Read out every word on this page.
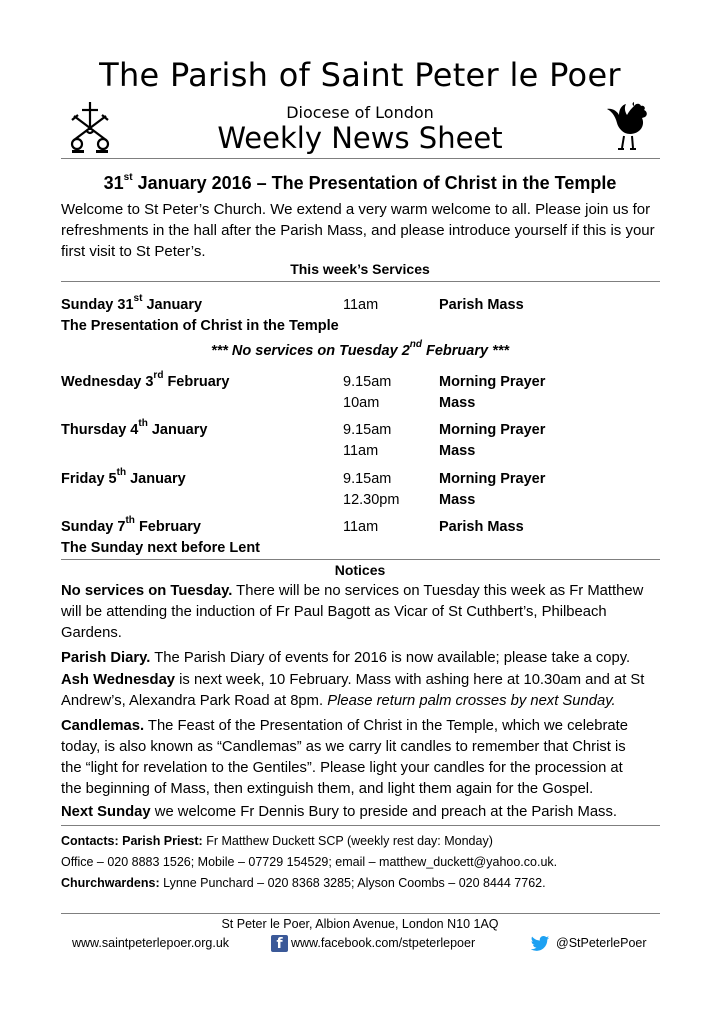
The Parish of Saint Peter le Poer
Diocese of London
Weekly News Sheet
31st January 2016 – The Presentation of Christ in the Temple
Welcome to St Peter’s Church. We extend a very warm welcome to all. Please join us for refreshments in the hall after the Parish Mass, and please introduce yourself if this is your first visit to St Peter’s.
This week’s Services
Sunday 31st January	11am	Parish Mass
The Presentation of Christ in the Temple
*** No services on Tuesday 2nd February ***
Wednesday 3rd February	9.15am	Morning Prayer
10am	Mass
Thursday 4th January	9.15am	Morning Prayer
11am	Mass
Friday 5th January	9.15am	Morning Prayer
12.30pm	Mass
Sunday 7th February	11am	Parish Mass
The Sunday next before Lent
Notices
No services on Tuesday. There will be no services on Tuesday this week as Fr Matthew
will be attending the induction of Fr Paul Bagott as Vicar of St Cuthbert’s, Philbeach
Gardens.
Parish Diary. The Parish Diary of events for 2016 is now available; please take a copy.
Ash Wednesday is next week, 10 February. Mass with ashing here at 10.30am and at St
Andrew’s, Alexandra Park Road at 8pm. Please return palm crosses by next Sunday.
Candlemas. The Feast of the Presentation of Christ in the Temple, which we celebrate
today, is also known as “Candlemas” as we carry lit candles to remember that Christ is
the “light for revelation to the Gentiles”. Please light your candles for the procession at
the beginning of Mass, then extinguish them, and light them again for the Gospel.
Next Sunday we welcome Fr Dennis Bury to preside and preach at the Parish Mass.
Contacts: Parish Priest: Fr Matthew Duckett SCP (weekly rest day: Monday)
Office – 020 8883 1526; Mobile – 07729 154529; email – matthew_duckett@yahoo.co.uk.
Churchwardens: Lynne Punchard – 020 8368 3285; Alyson Coombs – 020 8444 7762.
St Peter le Poer, Albion Avenue, London N10 1AQ
www.saintpeterlepoer.org.uk	f www.facebook.com/stpeterlepoer	@StPeterlePoer
